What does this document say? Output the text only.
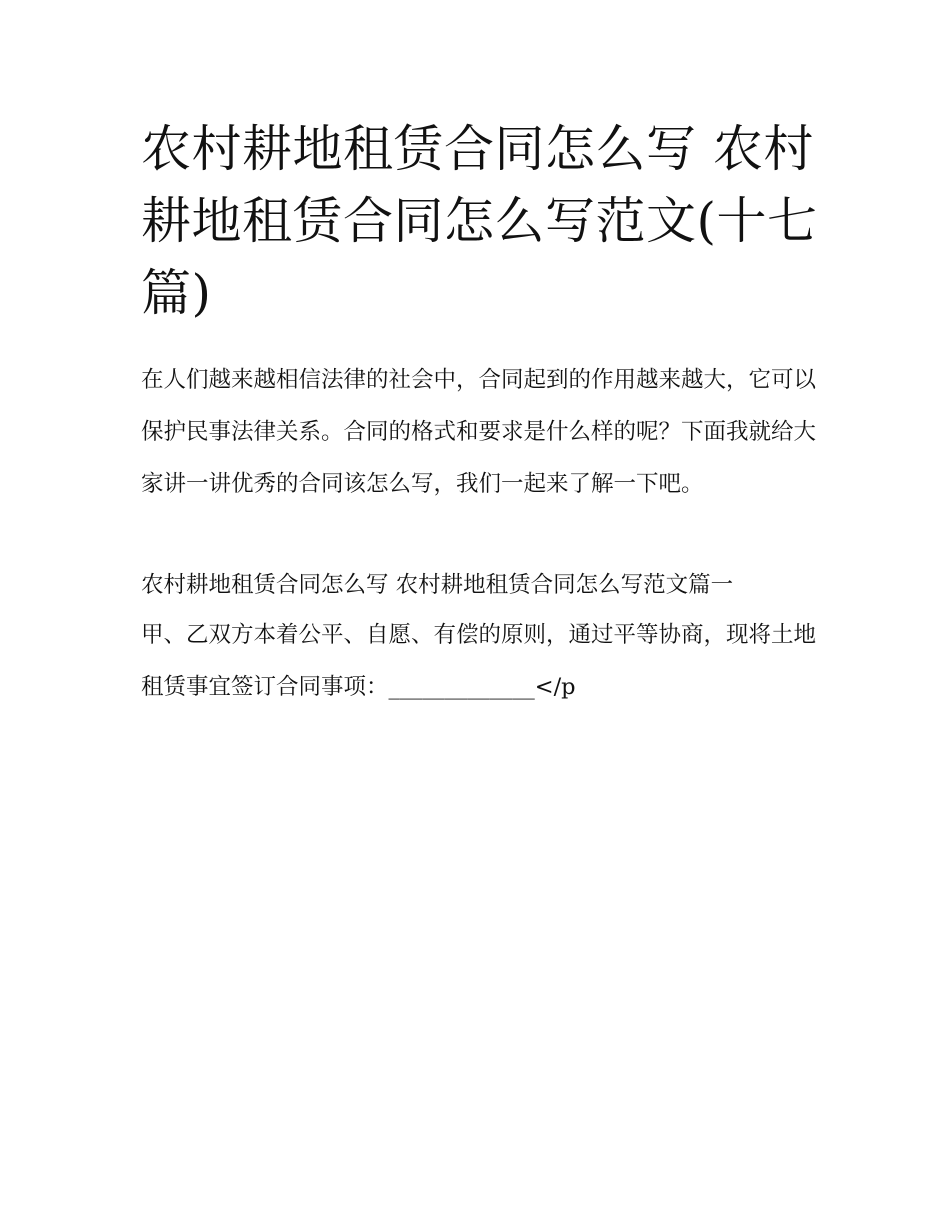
农村耕地租赁合同怎么写 农村耕地租赁合同怎么写范文(十七篇)

在人们越来越相信法律的社会中，合同起到的作用越来越大，它可以保护民事法律关系。合同的格式和要求是什么样的呢？下面我就给大家讲一讲优秀的合同该怎么写，我们一起来了解一下吧。

农村耕地租赁合同怎么写 农村耕地租赁合同怎么写范文篇一

甲、乙双方本着公平、自愿、有偿的原则，通过平等协商，现将土地租赁事宜签订合同事项：_____________</p
